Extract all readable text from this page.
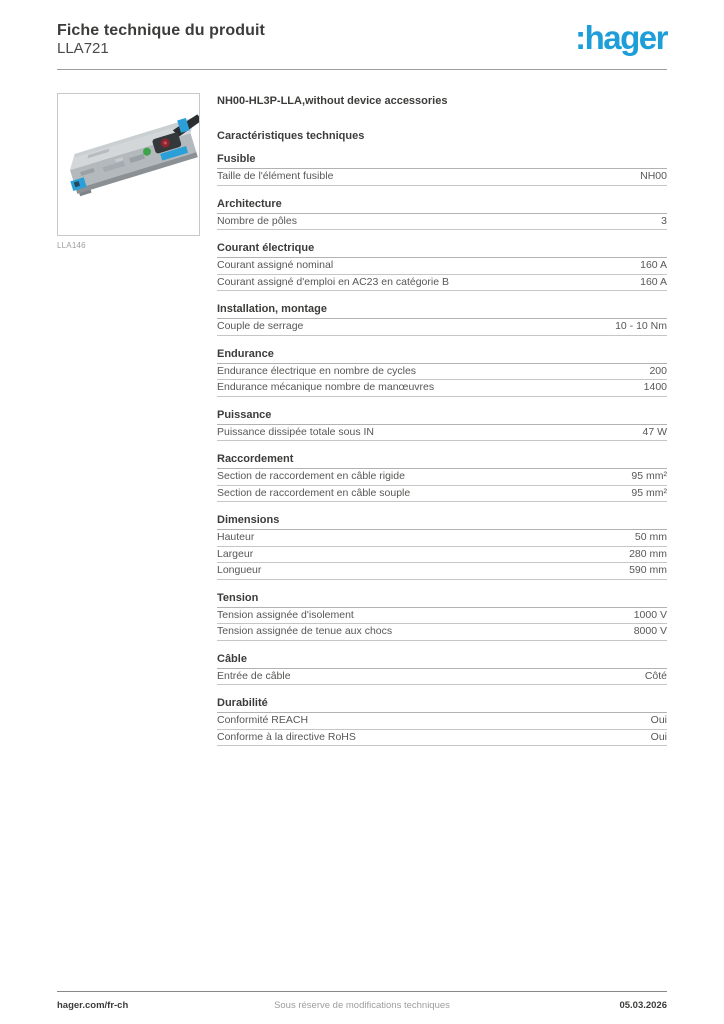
Fiche technique du produit
LLA721	:hager
LLA146
NH00-HL3P-LLA,without device accessories
Caractéristiques techniques
Fusible
Taille de l'élément fusible	NH00
Architecture
Nombre de pôles	3
Courant électrique
Courant assigné nominal	160 A
Courant assigné d'emploi en AC23 en catégorie B	160 A
Installation, montage
Couple de serrage	10 - 10 Nm
Endurance
Endurance électrique en nombre de cycles	200
Endurance mécanique nombre de manœuvres	1400
Puissance
Puissance dissipée totale sous IN	47 W
Raccordement
Section de raccordement en câble rigide	95 mm²
Section de raccordement en câble souple	95 mm²
Dimensions
Hauteur	50 mm
Largeur	280 mm
Longueur	590 mm
Tension
Tension assignée d'isolement	1000 V
Tension assignée de tenue aux chocs	8000 V
Câble
Entrée de câble	Côté
Durabilité
Conformité REACH	Oui
Conforme à la directive RoHS	Oui
hager.com/fr-ch	Sous réserve de modifications techniques	05.03.2026
